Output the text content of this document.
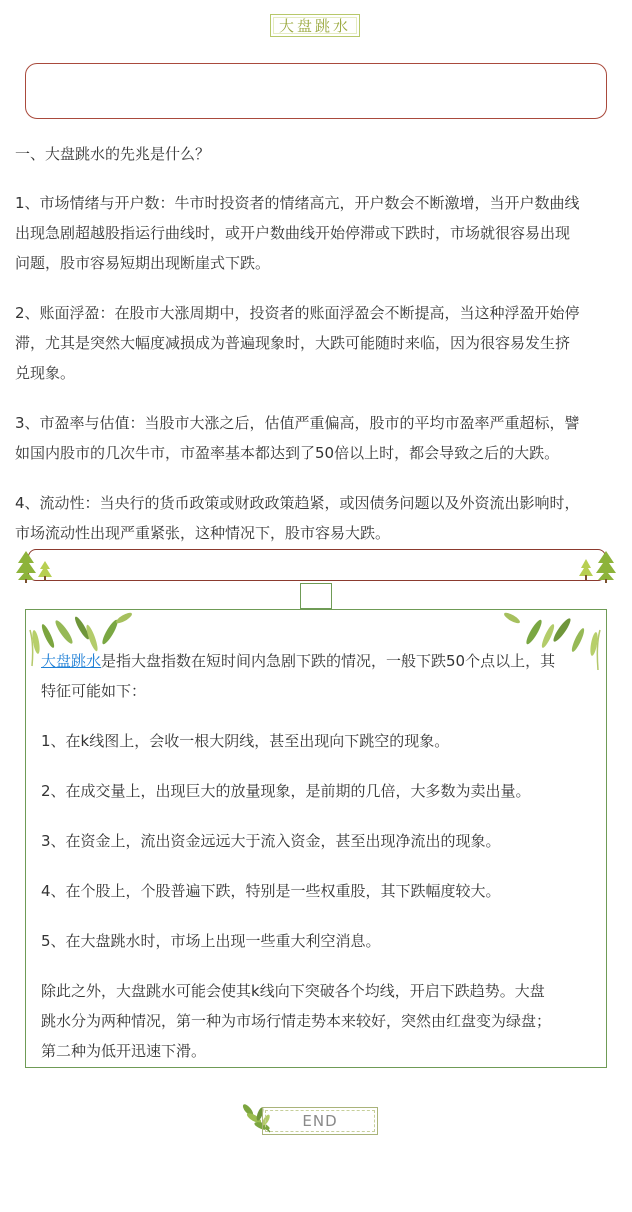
大盘跳水

一、大盘跳水的先兆是什么？

1、市场情绪与开户数：牛市时投资者的情绪高亢，开户数会不断激增，当开户数曲线

出现急剧超越股指运行曲线时，或开户数曲线开始停滞或下跌时，市场就很容易出现

问题，股市容易短期出现断崖式下跌。

2、账面浮盈：在股市大涨周期中，投资者的账面浮盈会不断提高，当这种浮盈开始停

滞，尤其是突然大幅度减损成为普遍现象时，大跌可能随时来临，因为很容易发生挤

兑现象。

3、市盈率与估值：当股市大涨之后，估值严重偏高，股市的平均市盈率严重超标，譬

如国内股市的几次牛市，市盈率基本都达到了50倍以上时，都会导致之后的大跌。

4、流动性：当央行的货币政策或财政政策趋紧，或因债务问题以及外资流出影响时，

市场流动性出现严重紧张，这种情况下，股市容易大跌。

大盘跳水是指大盘指数在短时间内急剧下跌的情况，一般下跌50个点以上，其

特征可能如下：

1、在k线图上，会收一根大阴线，甚至出现向下跳空的现象。

2、在成交量上，出现巨大的放量现象，是前期的几倍，大多数为卖出量。

3、在资金上，流出资金远远大于流入资金，甚至出现净流出的现象。

4、在个股上，个股普遍下跌，特别是一些权重股，其下跌幅度较大。

5、在大盘跳水时，市场上出现一些重大利空消息。

除此之外，大盘跳水可能会使其k线向下突破各个均线，开启下跌趋势。大盘

跳水分为两种情况，第一种为市场行情走势本来较好，突然由红盘变为绿盘；

第二种为低开迅速下滑。

END
